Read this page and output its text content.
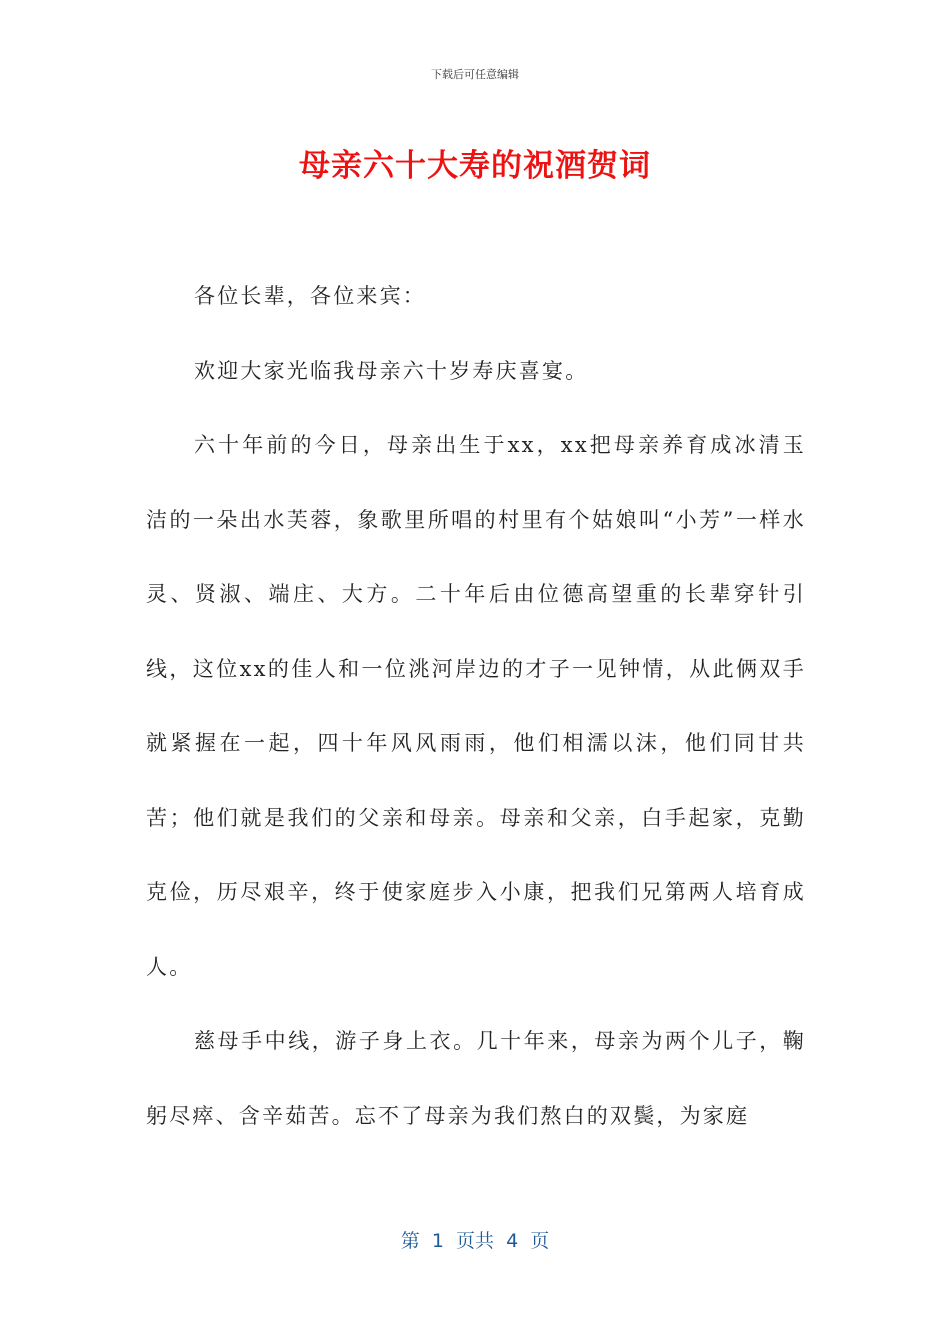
下载后可任意编辑
母亲六十大寿的祝酒贺词

各位长辈，各位来宾：

欢迎大家光临我母亲六十岁寿庆喜宴。

六十年前的今日，母亲出生于xx，xx把母亲养育成冰清玉洁的一朵出水芙蓉，象歌里所唱的村里有个姑娘叫“小芳”一样水灵、贤淑、端庄、大方。二十年后由位德高望重的长辈穿针引线，这位xx的佳人和一位洮河岸边的才子一见钟情，从此俩双手就紧握在一起，四十年风风雨雨，他们相濡以沫，他们同甘共苦；他们就是我们的父亲和母亲。母亲和父亲，白手起家，克勤克俭，历尽艰辛，终于使家庭步入小康，把我们兄第两人培育成人。

慈母手中线，游子身上衣。几十年来，母亲为两个儿子，鞠躬尽瘁、含辛茹苦。忘不了母亲为我们熬白的双鬓，为家庭

第  1  页共  4  页
